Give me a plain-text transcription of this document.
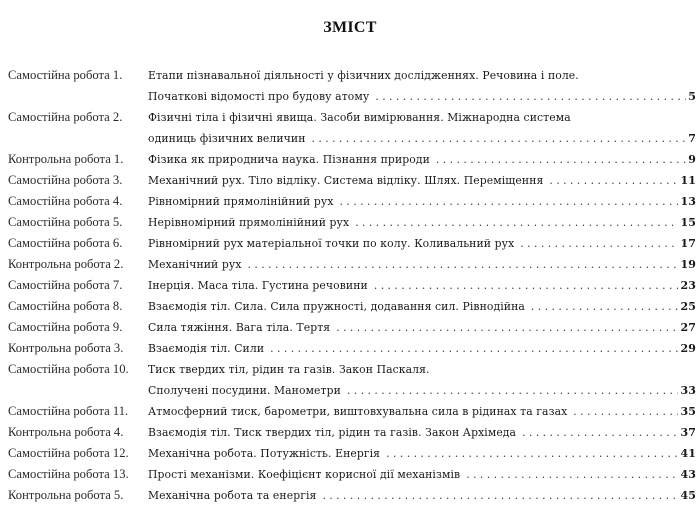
ЗМІСТ
Самостійна робота 1.	Етапи пізнавальної діяльності у фізичних дослідженнях. Речовина і поле.
Початкові відомості про будову атому . . .	5
Самостійна робота 2.	Фізичні тіла і фізичні явища. Засоби вимірювання. Міжнародна система
одиниць фізичних величин . . .	7
Контрольна робота 1.	Фізика як природнича наука. Пізнання природи . . .	9
Самостійна робота 3.	Механічний рух. Тіло відліку. Система відліку. Шлях. Переміщення . . .	11
Самостійна робота 4.	Рівномірний прямолінійний рух . . .	13
Самостійна робота 5.	Нерівномірний прямолінійний рух . . .	15
Самостійна робота 6.	Рівномірний рух матеріальної точки по колу. Коливальний рух . . .	17
Контрольна робота 2.	Механічний рух . . .	19
Самостійна робота 7.	Інерція. Маса тіла. Густина речовини . . .	23
Самостійна робота 8.	Взаємодія тіл. Сила. Сила пружності, додавання сил. Рівнодійна . . .	25
Самостійна робота 9.	Сила тяжіння. Вага тіла. Тертя . . .	27
Контрольна робота 3.	Взаємодія тіл. Сили . . .	29
Самостійна робота 10.	Тиск твердих тіл, рідин та газів. Закон Паскаля.
Сполучені посудини. Манометри . . .	33
Самостійна робота 11.	Атмосферний тиск, барометри, виштовхувальна сила в рідинах та газах . . .	35
Контрольна робота 4.	Взаємодія тіл. Тиск твердих тіл, рідин та газів. Закон Архімеда . . .	37
Самостійна робота 12.	Механічна робота. Потужність. Енергія . . .	41
Самостійна робота 13.	Прості механізми. Коефіцієнт корисної дії механізмів . . .	43
Контрольна робота 5.	Механічна робота та енергія . . .	45
